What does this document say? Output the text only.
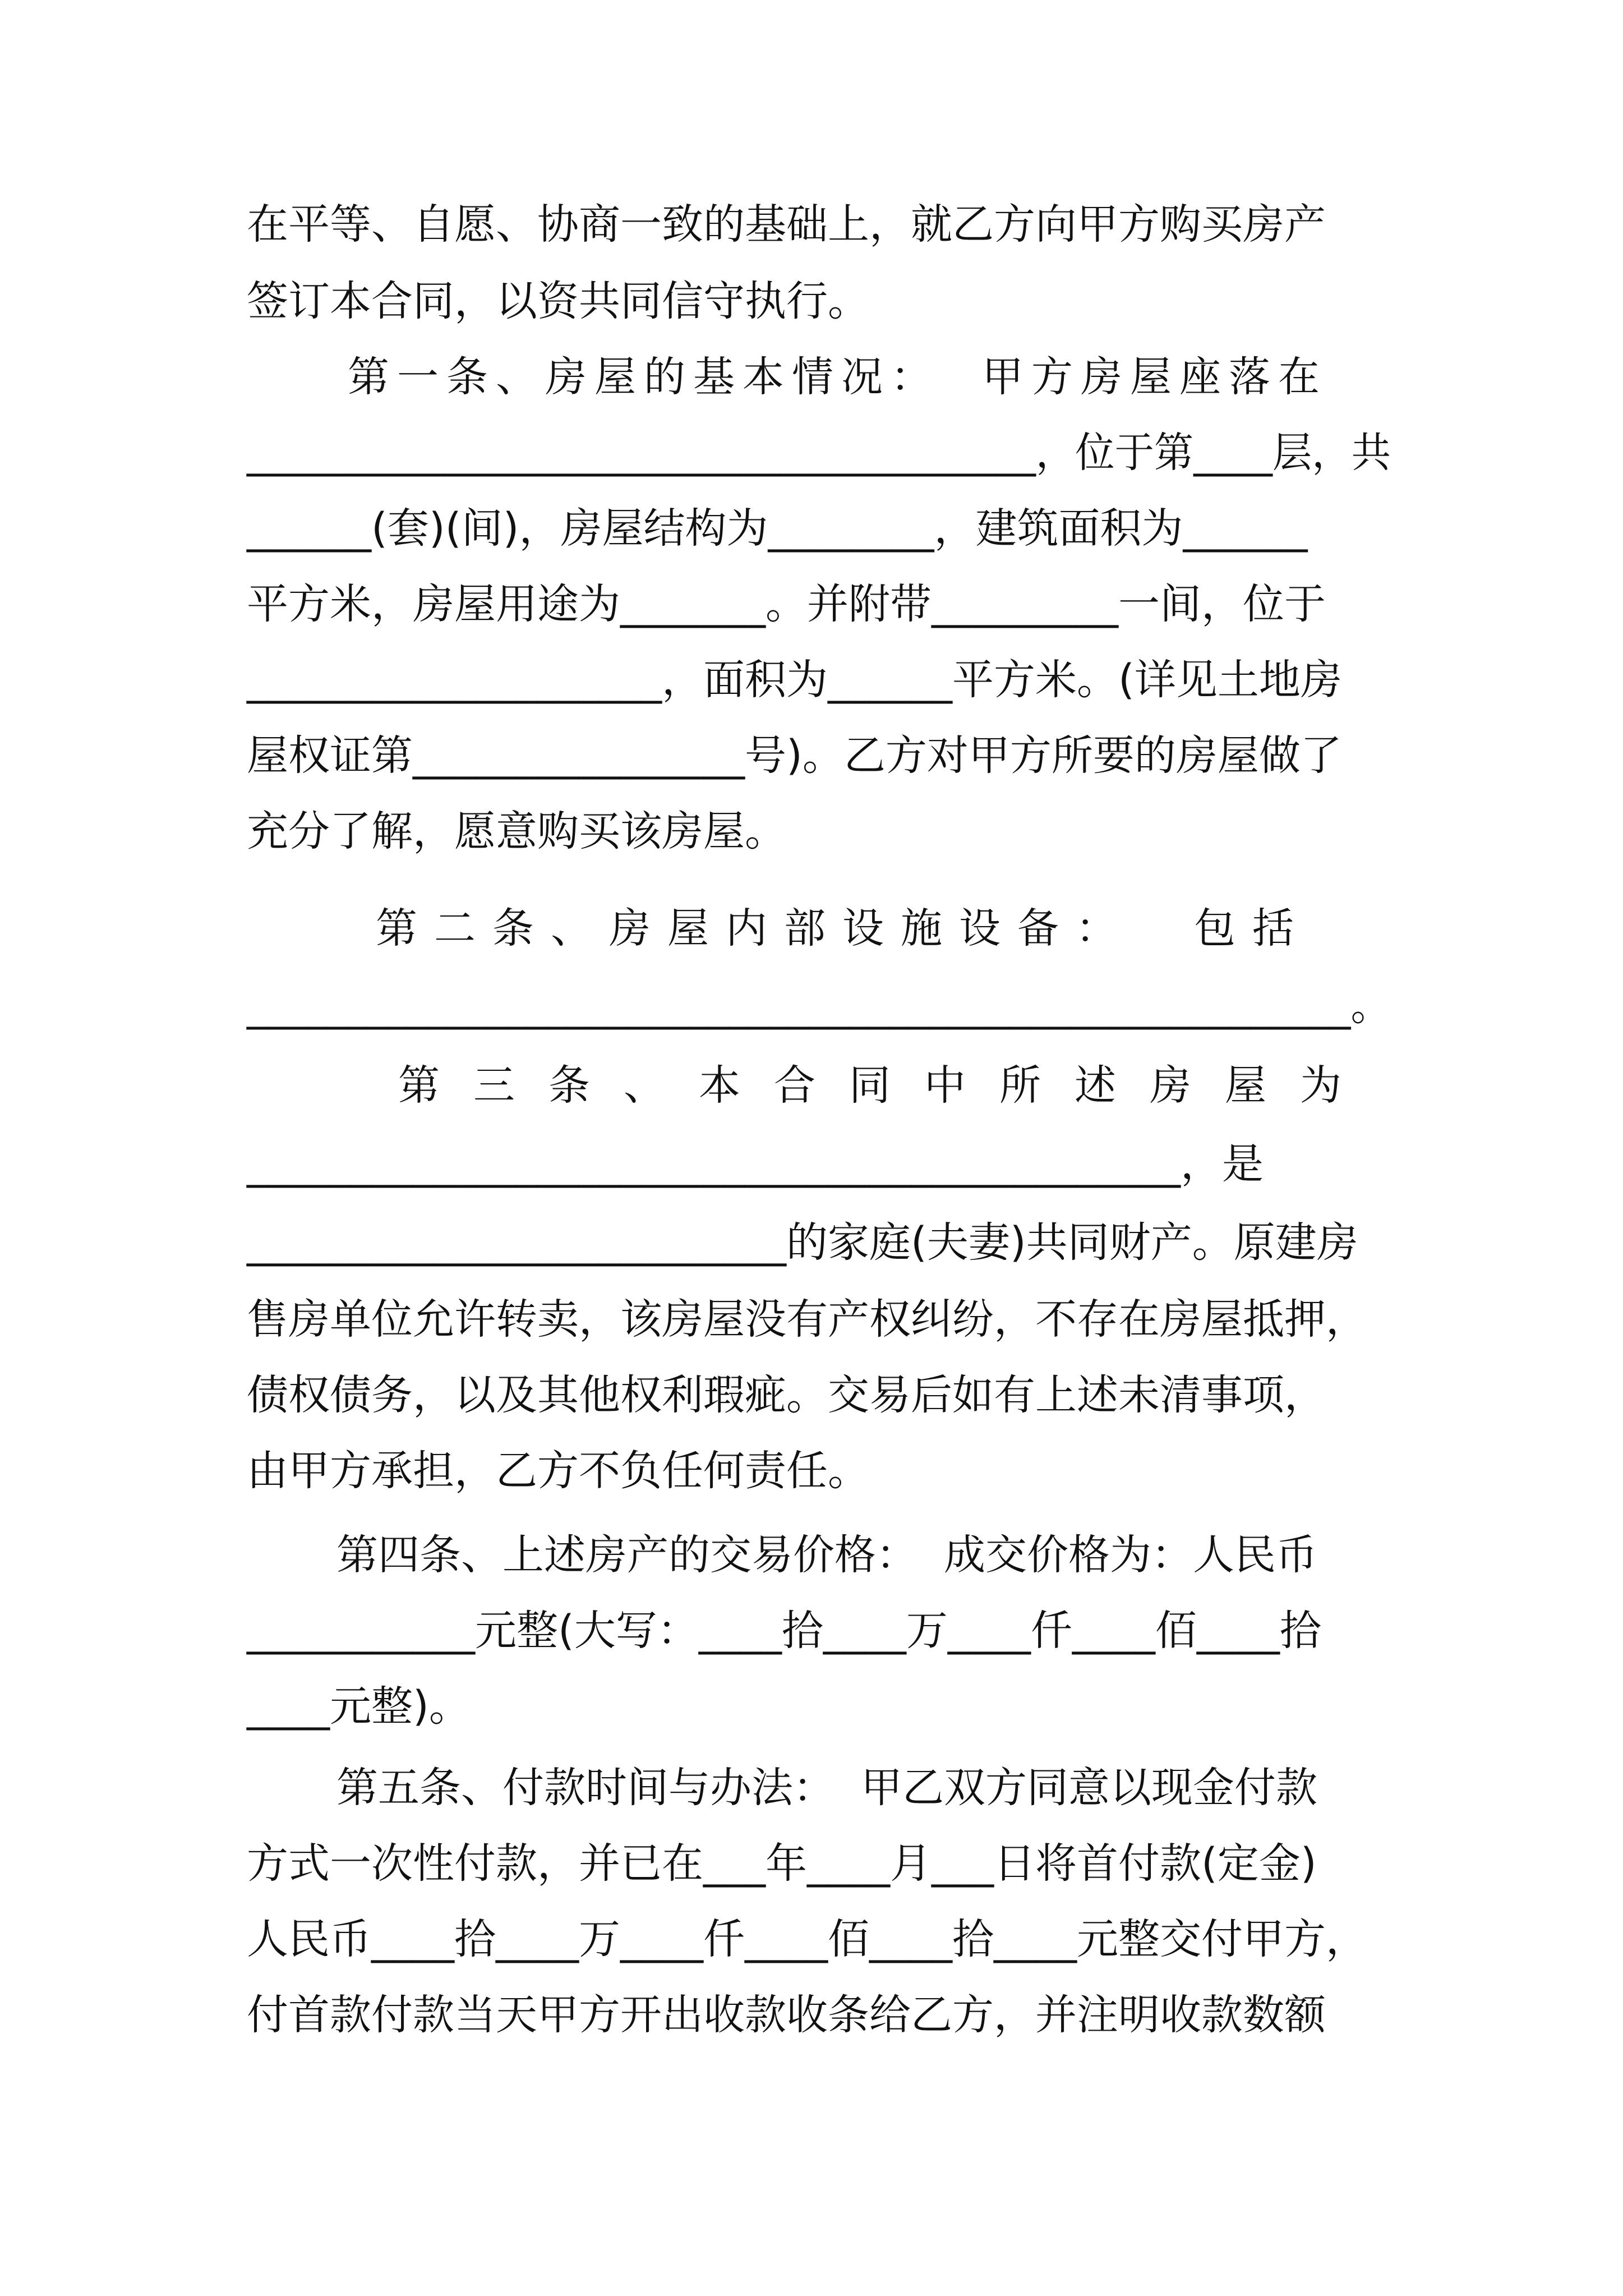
在平等、自愿、协商一致的基础上，就乙方向甲方购买房产
签订本合同，以资共同信守执行。
第一条、房屋的基本情况：  甲方房屋座落在
________________________________________，位于第____层，共
______(套)(间)，房屋结构为________，建筑面积为______
平方米，房屋用途为_______。并附带_________一间，位于
____________________，面积为______平方米。(详见土地房
屋权证第________________号)。乙方对甲方所要的房屋做了
充分了解，愿意购买该房屋。
第二条、房屋内部设施设备：  包括
_______________________________________________________。
第三条、本合同中所述房屋为
_____________________________________________，是
__________________________的家庭(夫妻)共同财产。原建房
售房单位允许转卖，该房屋没有产权纠纷，不存在房屋抵押，
债权债务，以及其他权利瑕疵。交易后如有上述未清事项，
由甲方承担，乙方不负任何责任。
第四条、上述房产的交易价格：  成交价格为：人民币
___________元整(大写：____拾____万____仟____佰____拾
____元整)。
第五条、付款时间与办法：  甲乙双方同意以现金付款
方式一次性付款，并已在___年____月___日将首付款(定金)
人民币____拾____万____仟____佰____拾____元整交付甲方，
付首款付款当天甲方开出收款收条给乙方，并注明收款数额
